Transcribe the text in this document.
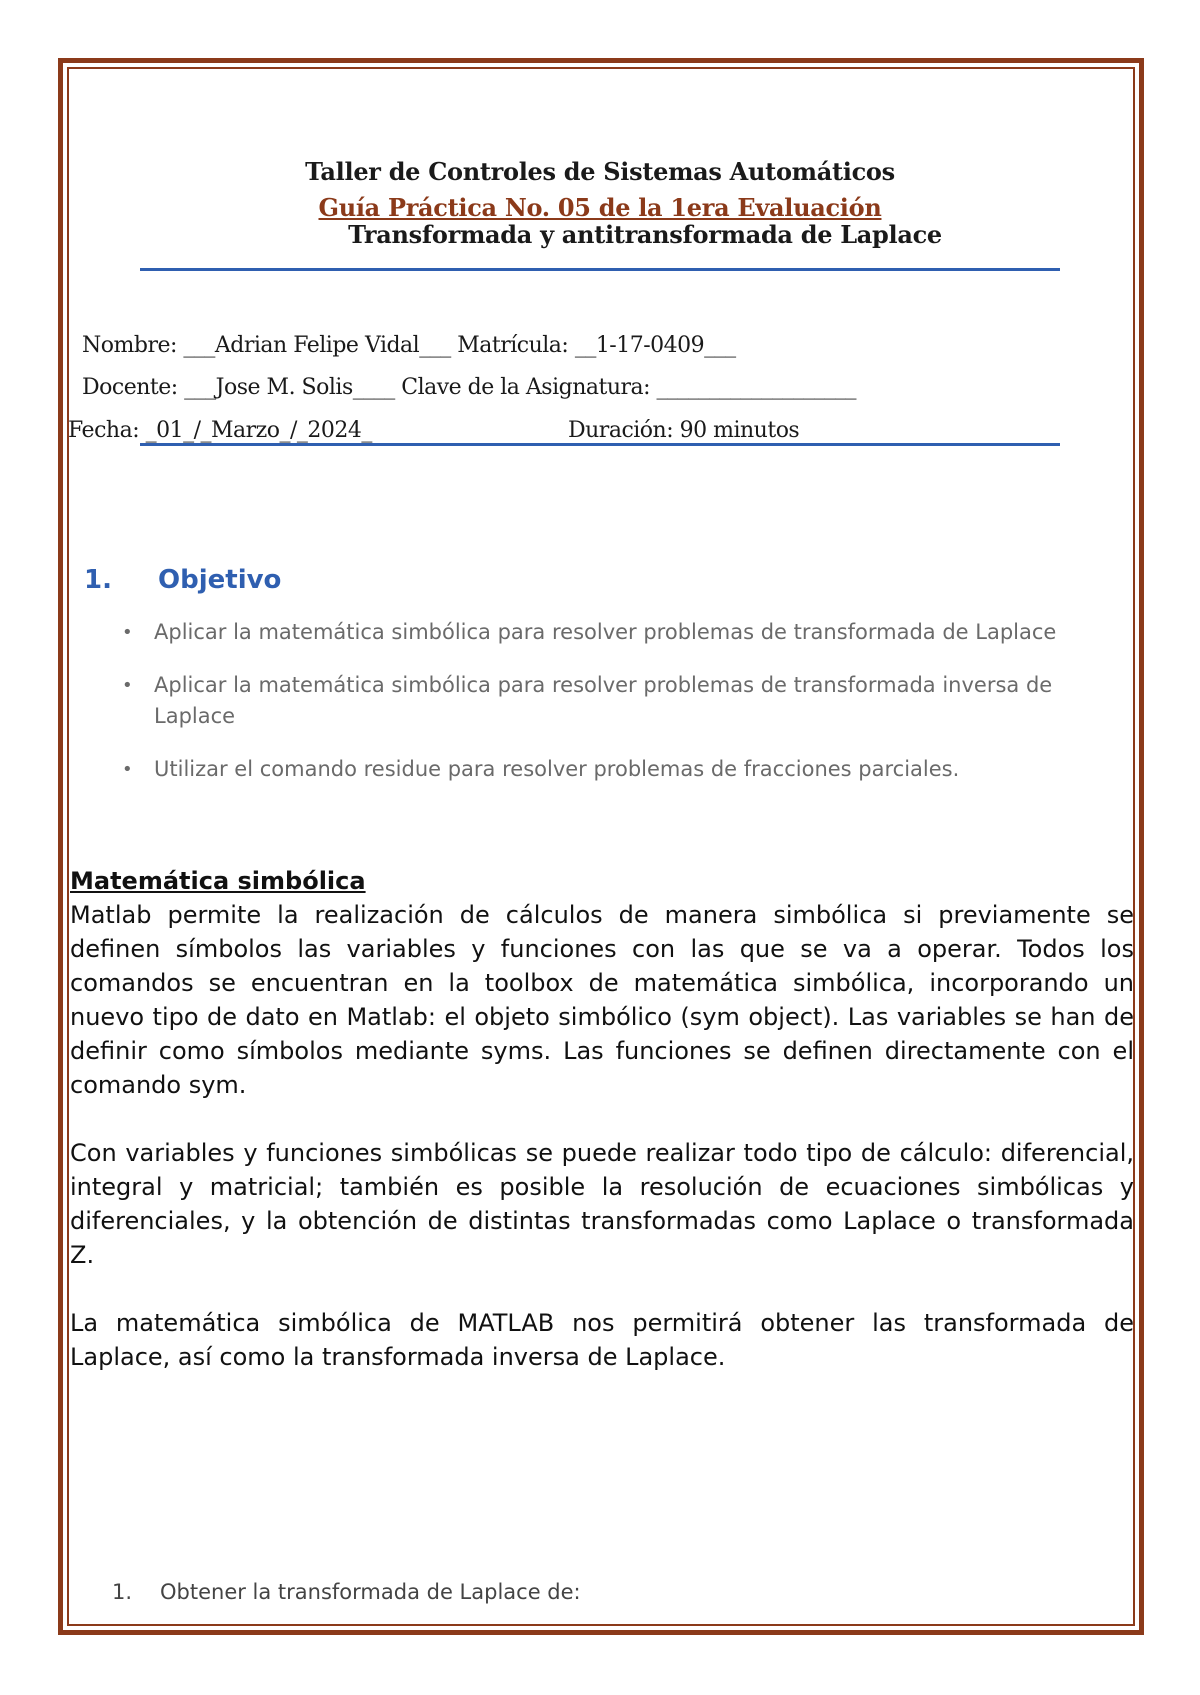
Taller de Controles de Sistemas Automáticos
Guía Práctica No. 05 de la 1era Evaluación
Transformada y antitransformada de Laplace
Nombre: ___Adrian Felipe Vidal___ Matrícula: __1-17-0409___
Docente: ___Jose M. Solis____ Clave de la Asignatura: ___________________
Fecha: _01_/_Marzo_/_2024_	Duración: 90 minutos
1. Objetivo
• Aplicar la matemática simbólica para resolver problemas de transformada de Laplace
• Aplicar la matemática simbólica para resolver problemas de transformada inversa de Laplace
• Utilizar el comando residue para resolver problemas de fracciones parciales.
Matemática simbólica

Matlab permite la realización de cálculos de manera simbólica si previamente se definen símbolos las variables y funciones con las que se va a operar. Todos los comandos se encuentran en la toolbox de matemática simbólica, incorporando un nuevo tipo de dato en Matlab: el objeto simbólico (sym object). Las variables se han de definir como símbolos mediante syms. Las funciones se definen directamente con el comando sym.

Con variables y funciones simbólicas se puede realizar todo tipo de cálculo: diferencial, integral y matricial; también es posible la resolución de ecuaciones simbólicas y diferenciales, y la obtención de distintas transformadas como Laplace o transformada Z.

La matemática simbólica de MATLAB nos permitirá obtener las transformada de Laplace, así como la transformada inversa de Laplace.

1. Obtener la transformada de Laplace de:
